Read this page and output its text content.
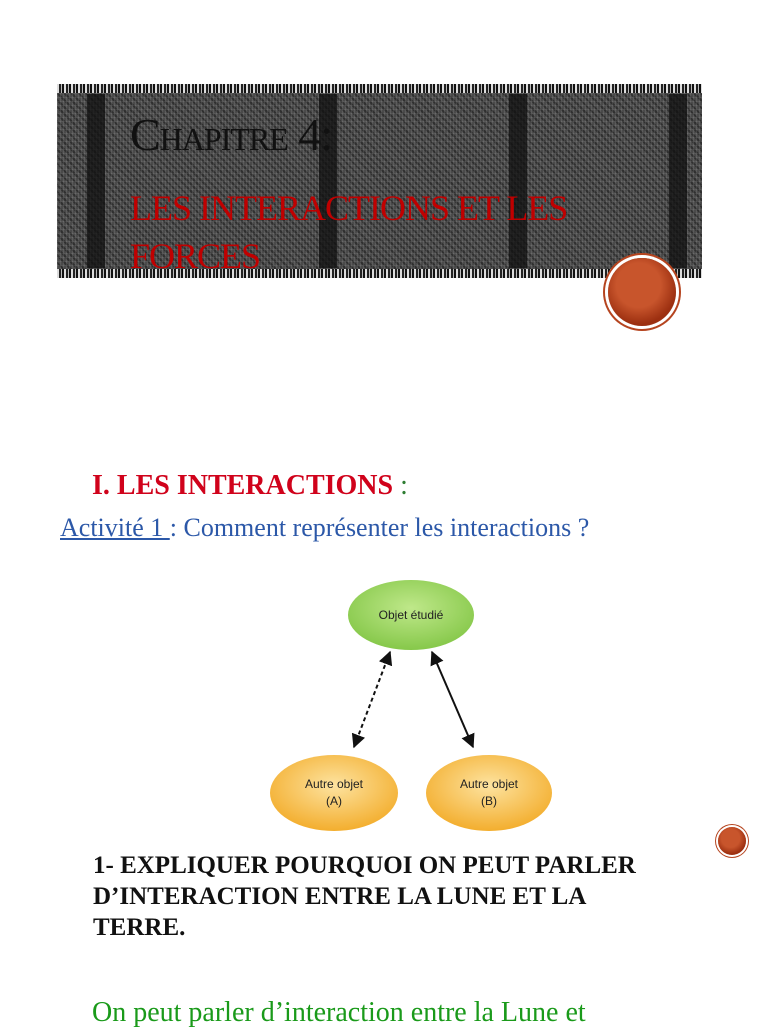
Chapitre 4:
LES INTERACTIONS ET LES FORCES

I. LES INTERACTIONS :

Activité 1 : Comment représenter les interactions ?

Objet étudié
Autre objet
(A)
Autre objet
(B)

1- EXPLIQUER POURQUOI ON PEUT PARLER D’INTERACTION ENTRE LA LUNE ET LA TERRE.

On peut parler d’interaction entre la Lune et
